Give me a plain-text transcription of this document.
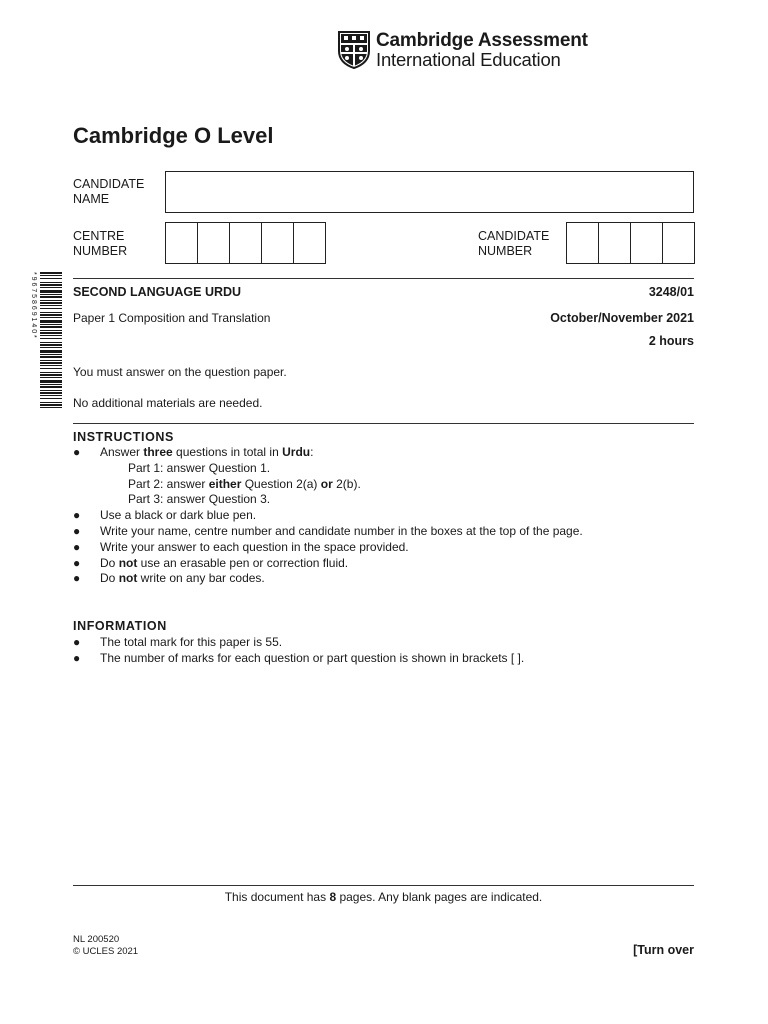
Cambridge Assessment
International Education
Cambridge O Level
CANDIDATE
NAME
CENTRE
NUMBER
CANDIDATE
NUMBER
* 9 6 7 5 8 6 9 1 4 0 *	SECOND LANGUAGE URDU	3248/01
Paper 1 Composition and Translation	October/November 2021
2 hours
You must answer on the question paper.
No additional materials are needed.
INSTRUCTIONS
●	Answer three questions in total in Urdu:
Part 1: answer Question 1.
Part 2: answer either Question 2(a) or 2(b).
Part 3: answer Question 3.
●	Use a black or dark blue pen.
●	Write your name, centre number and candidate number in the boxes at the top of the page.
●	Write your answer to each question in the space provided.
●	Do not use an erasable pen or correction fluid.
●	Do not write on any bar codes.
INFORMATION
●	The total mark for this paper is 55.
●	The number of marks for each question or part question is shown in brackets [ ].
This document has 8 pages. Any blank pages are indicated.
NL 200520
© UCLES 2021	[Turn over
